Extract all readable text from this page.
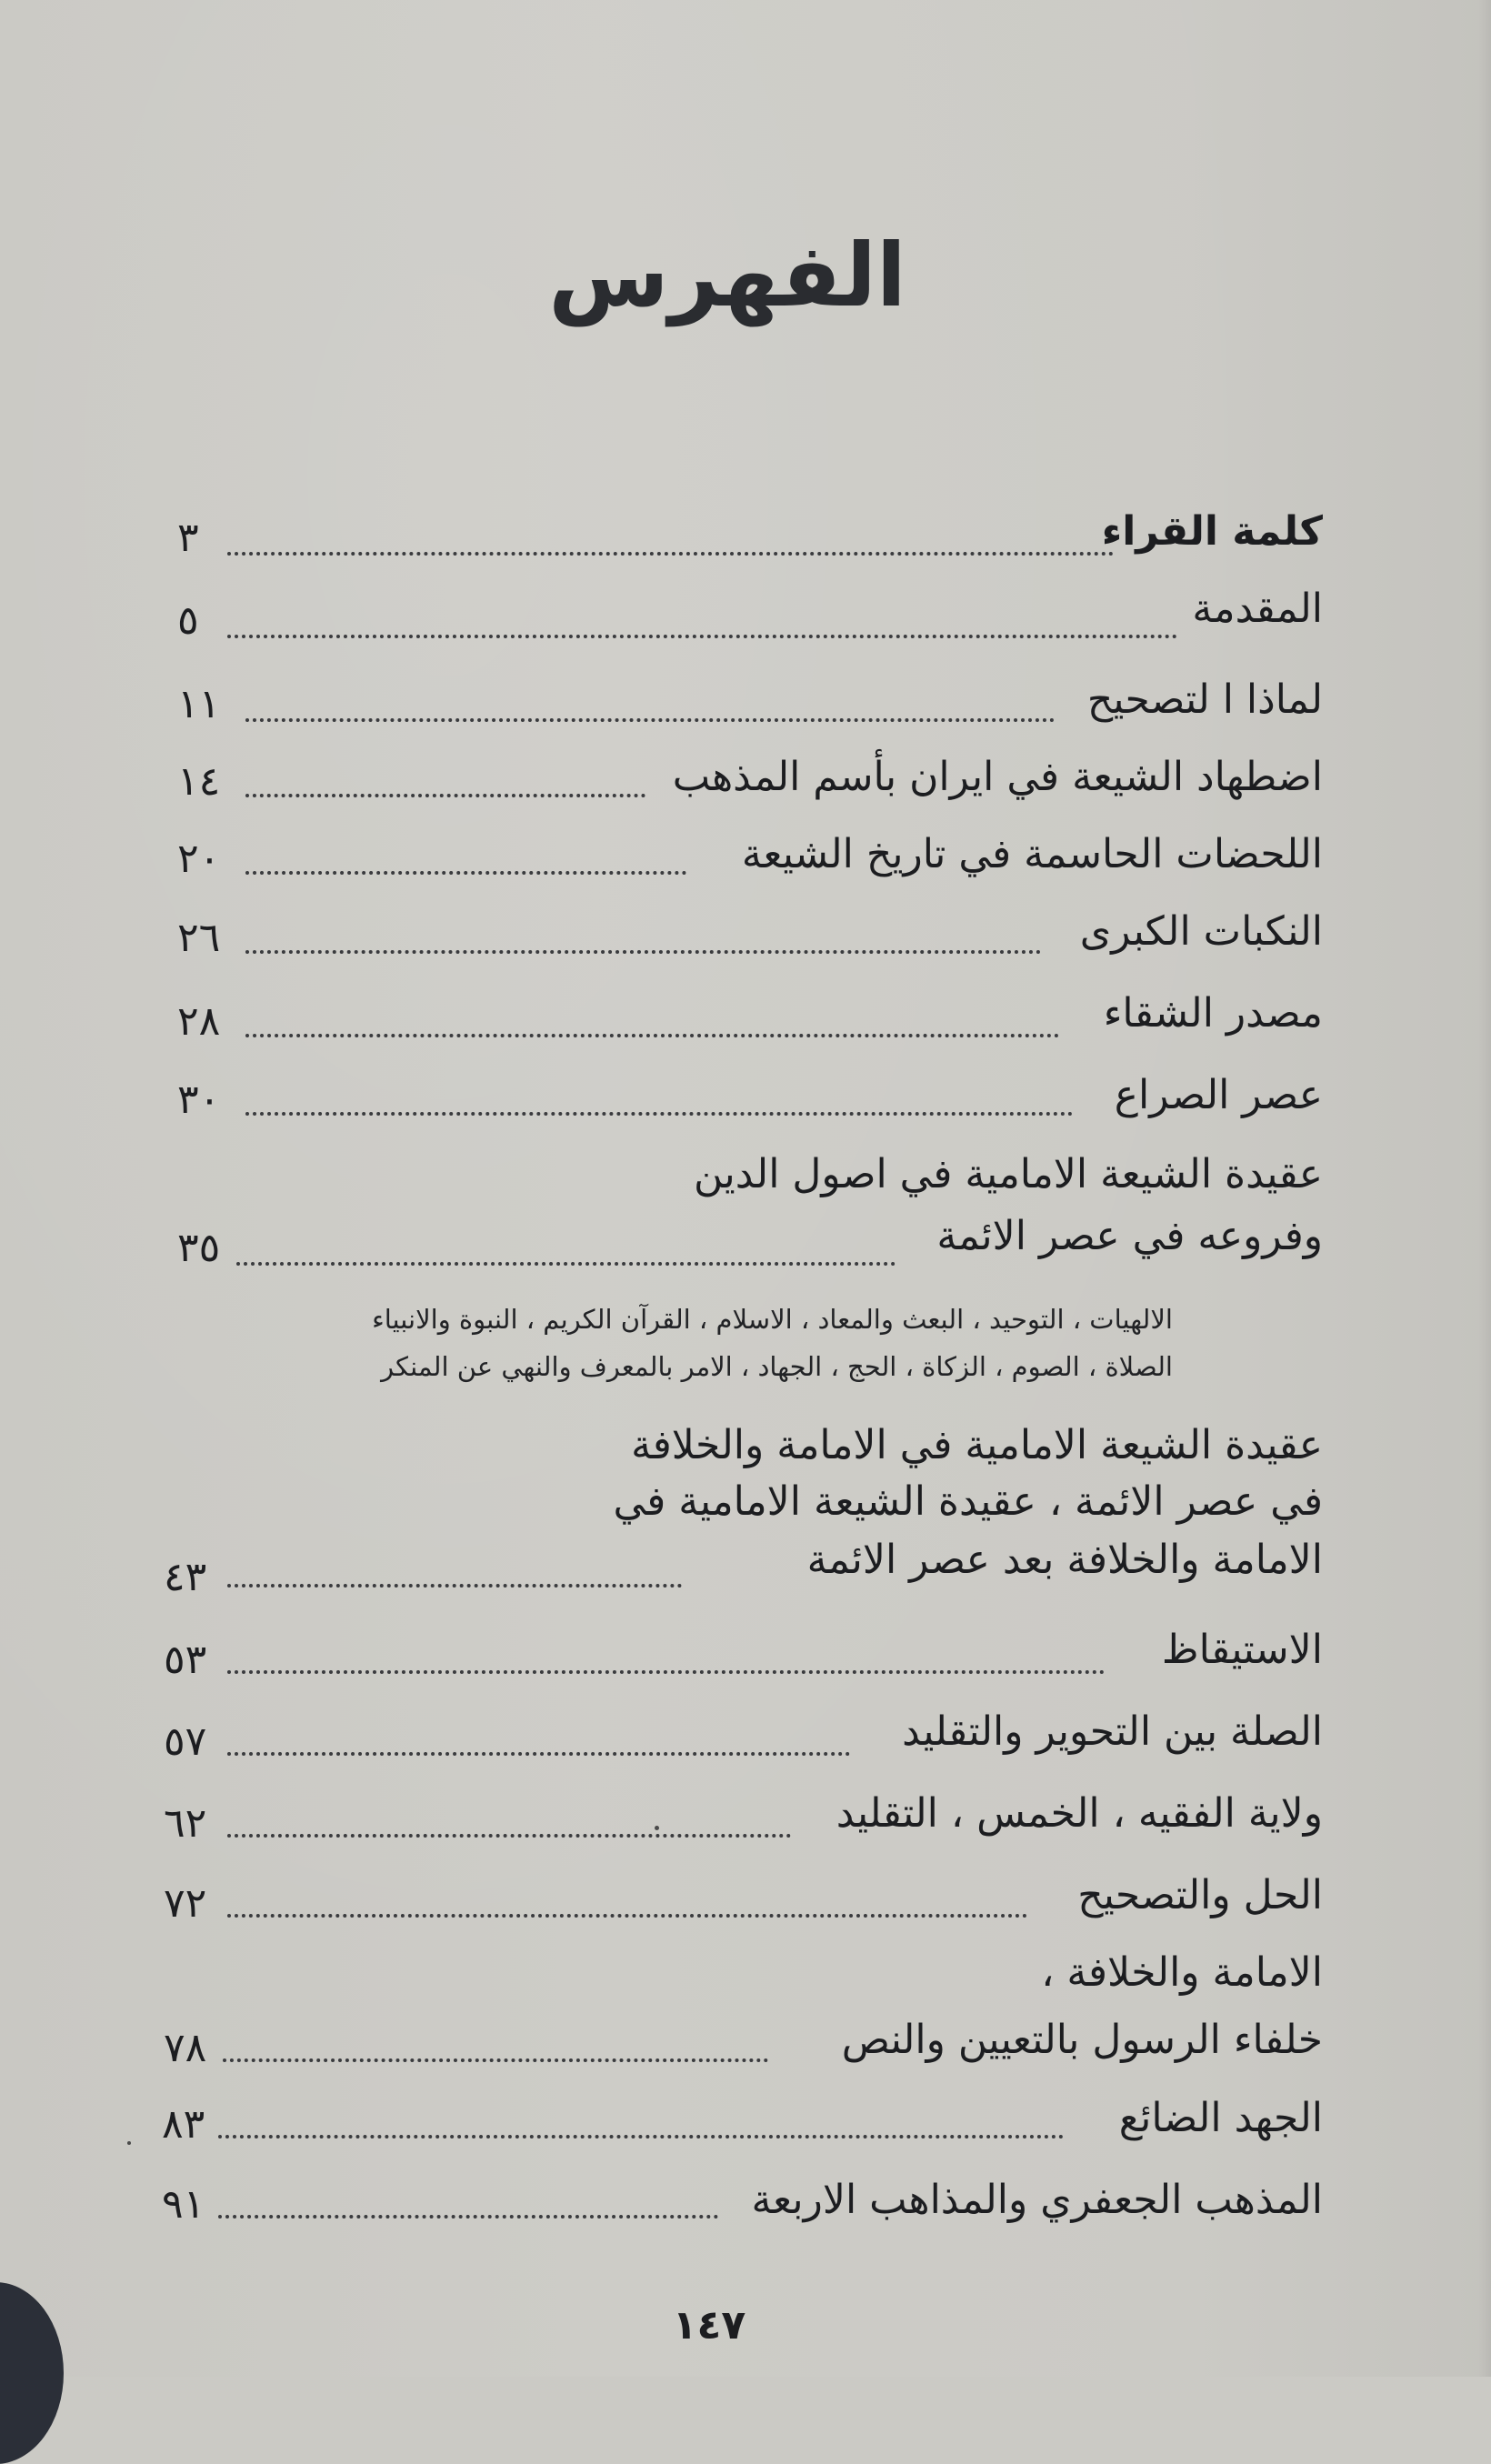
الفهرس
كلمة القراء
٣
المقدمة
٥
لماذا ا لتصحيح
١١
اضطهاد الشيعة في ايران بأسم المذهب
١٤
اللحضات الحاسمة في تاريخ الشيعة
٢٠
النكبات الكبرى
٢٦
مصدر الشقاء
٢٨
عصر الصراع
٣٠
عقيدة الشيعة الامامية في اصول الدين
وفروعه في عصر الائمة
٣٥
الالهيات ، التوحيد ، البعث والمعاد ، الاسلام ، القرآن الكريم ، النبوة والانبياء
الصلاة ، الصوم ، الزكاة ، الحج ، الجهاد ، الامر بالمعرف والنهي عن المنكر
عقيدة الشيعة الامامية في الامامة والخلافة
في عصر الائمة ، عقيدة الشيعة الامامية في
الامامة والخلافة بعد عصر الائمة
٤٣
الاستيقاظ
٥٣
الصلة بين التحوير والتقليد
٥٧
ولاية الفقيه ، الخمس ، التقليد
٦٢
الحل والتصحيح
٧٢
الامامة والخلافة ،
خلفاء الرسول بالتعيين والنص
٧٨
الجهد الضائع
٨٣
المذهب الجعفري والمذاهب الاربعة
٩١
١٤٧
